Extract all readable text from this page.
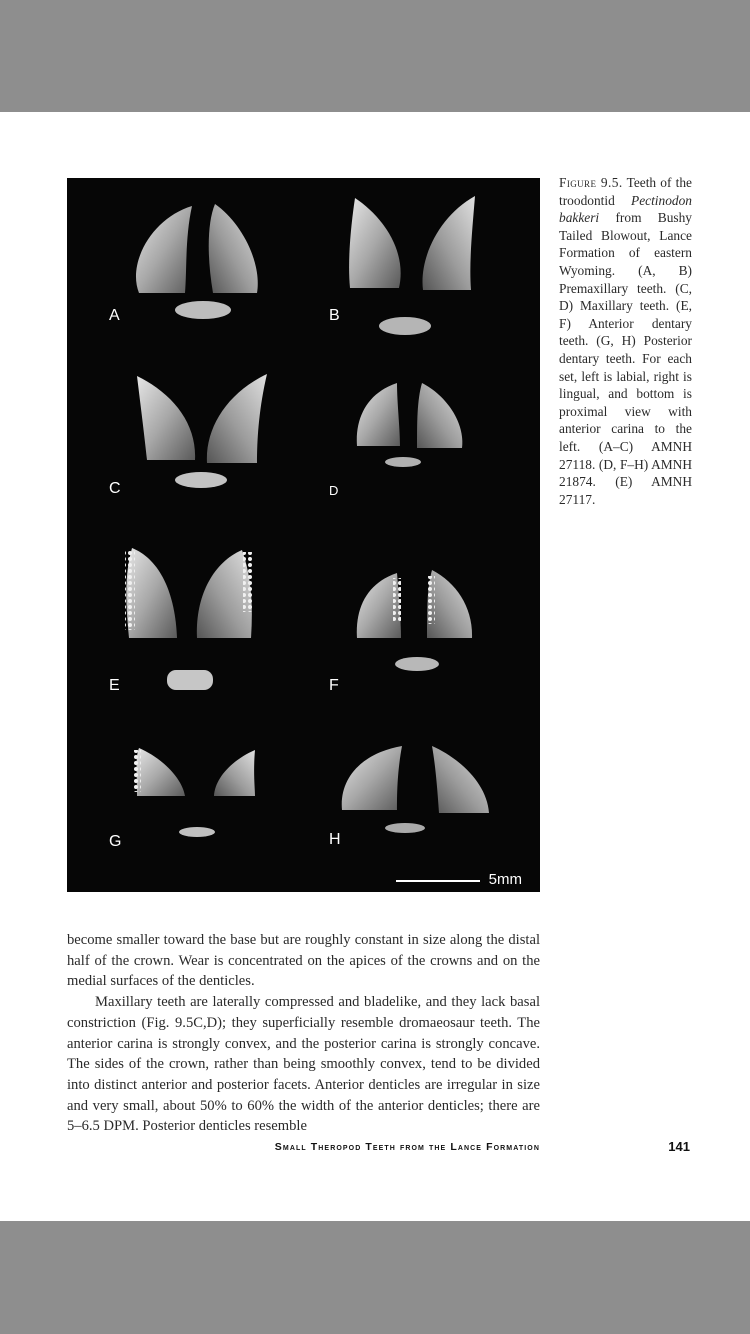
A	B
C	D
E	F
G	H
5mm
Figure 9.5. Teeth of the troodontid Pectinodon bakkeri from Bushy Tailed Blowout, Lance Formation of eastern Wyoming. (A, B) Premaxillary teeth. (C, D) Maxillary teeth. (E, F) Anterior dentary teeth. (G, H) Posterior dentary teeth. For each set, left is labial, right is lingual, and bottom is proximal view with anterior carina to the left. (A–C) AMNH 27118. (D, F–H) AMNH 21874. (E) AMNH 27117.

become smaller toward the base but are roughly constant in size along the distal half of the crown. Wear is concentrated on the apices of the crowns and on the medial surfaces of the denticles.

Maxillary teeth are laterally compressed and bladelike, and they lack basal constriction (Fig. 9.5C,D); they superficially resemble dromaeosaur teeth. The anterior carina is strongly convex, and the posterior carina is strongly concave. The sides of the crown, rather than being smoothly convex, tend to be divided into distinct anterior and posterior facets. Anterior denticles are irregular in size and very small, about 50% to 60% the width of the anterior denticles; there are 5–6.5 DPM. Posterior denticles resemble

Small Theropod Teeth from the Lance Formation	141
